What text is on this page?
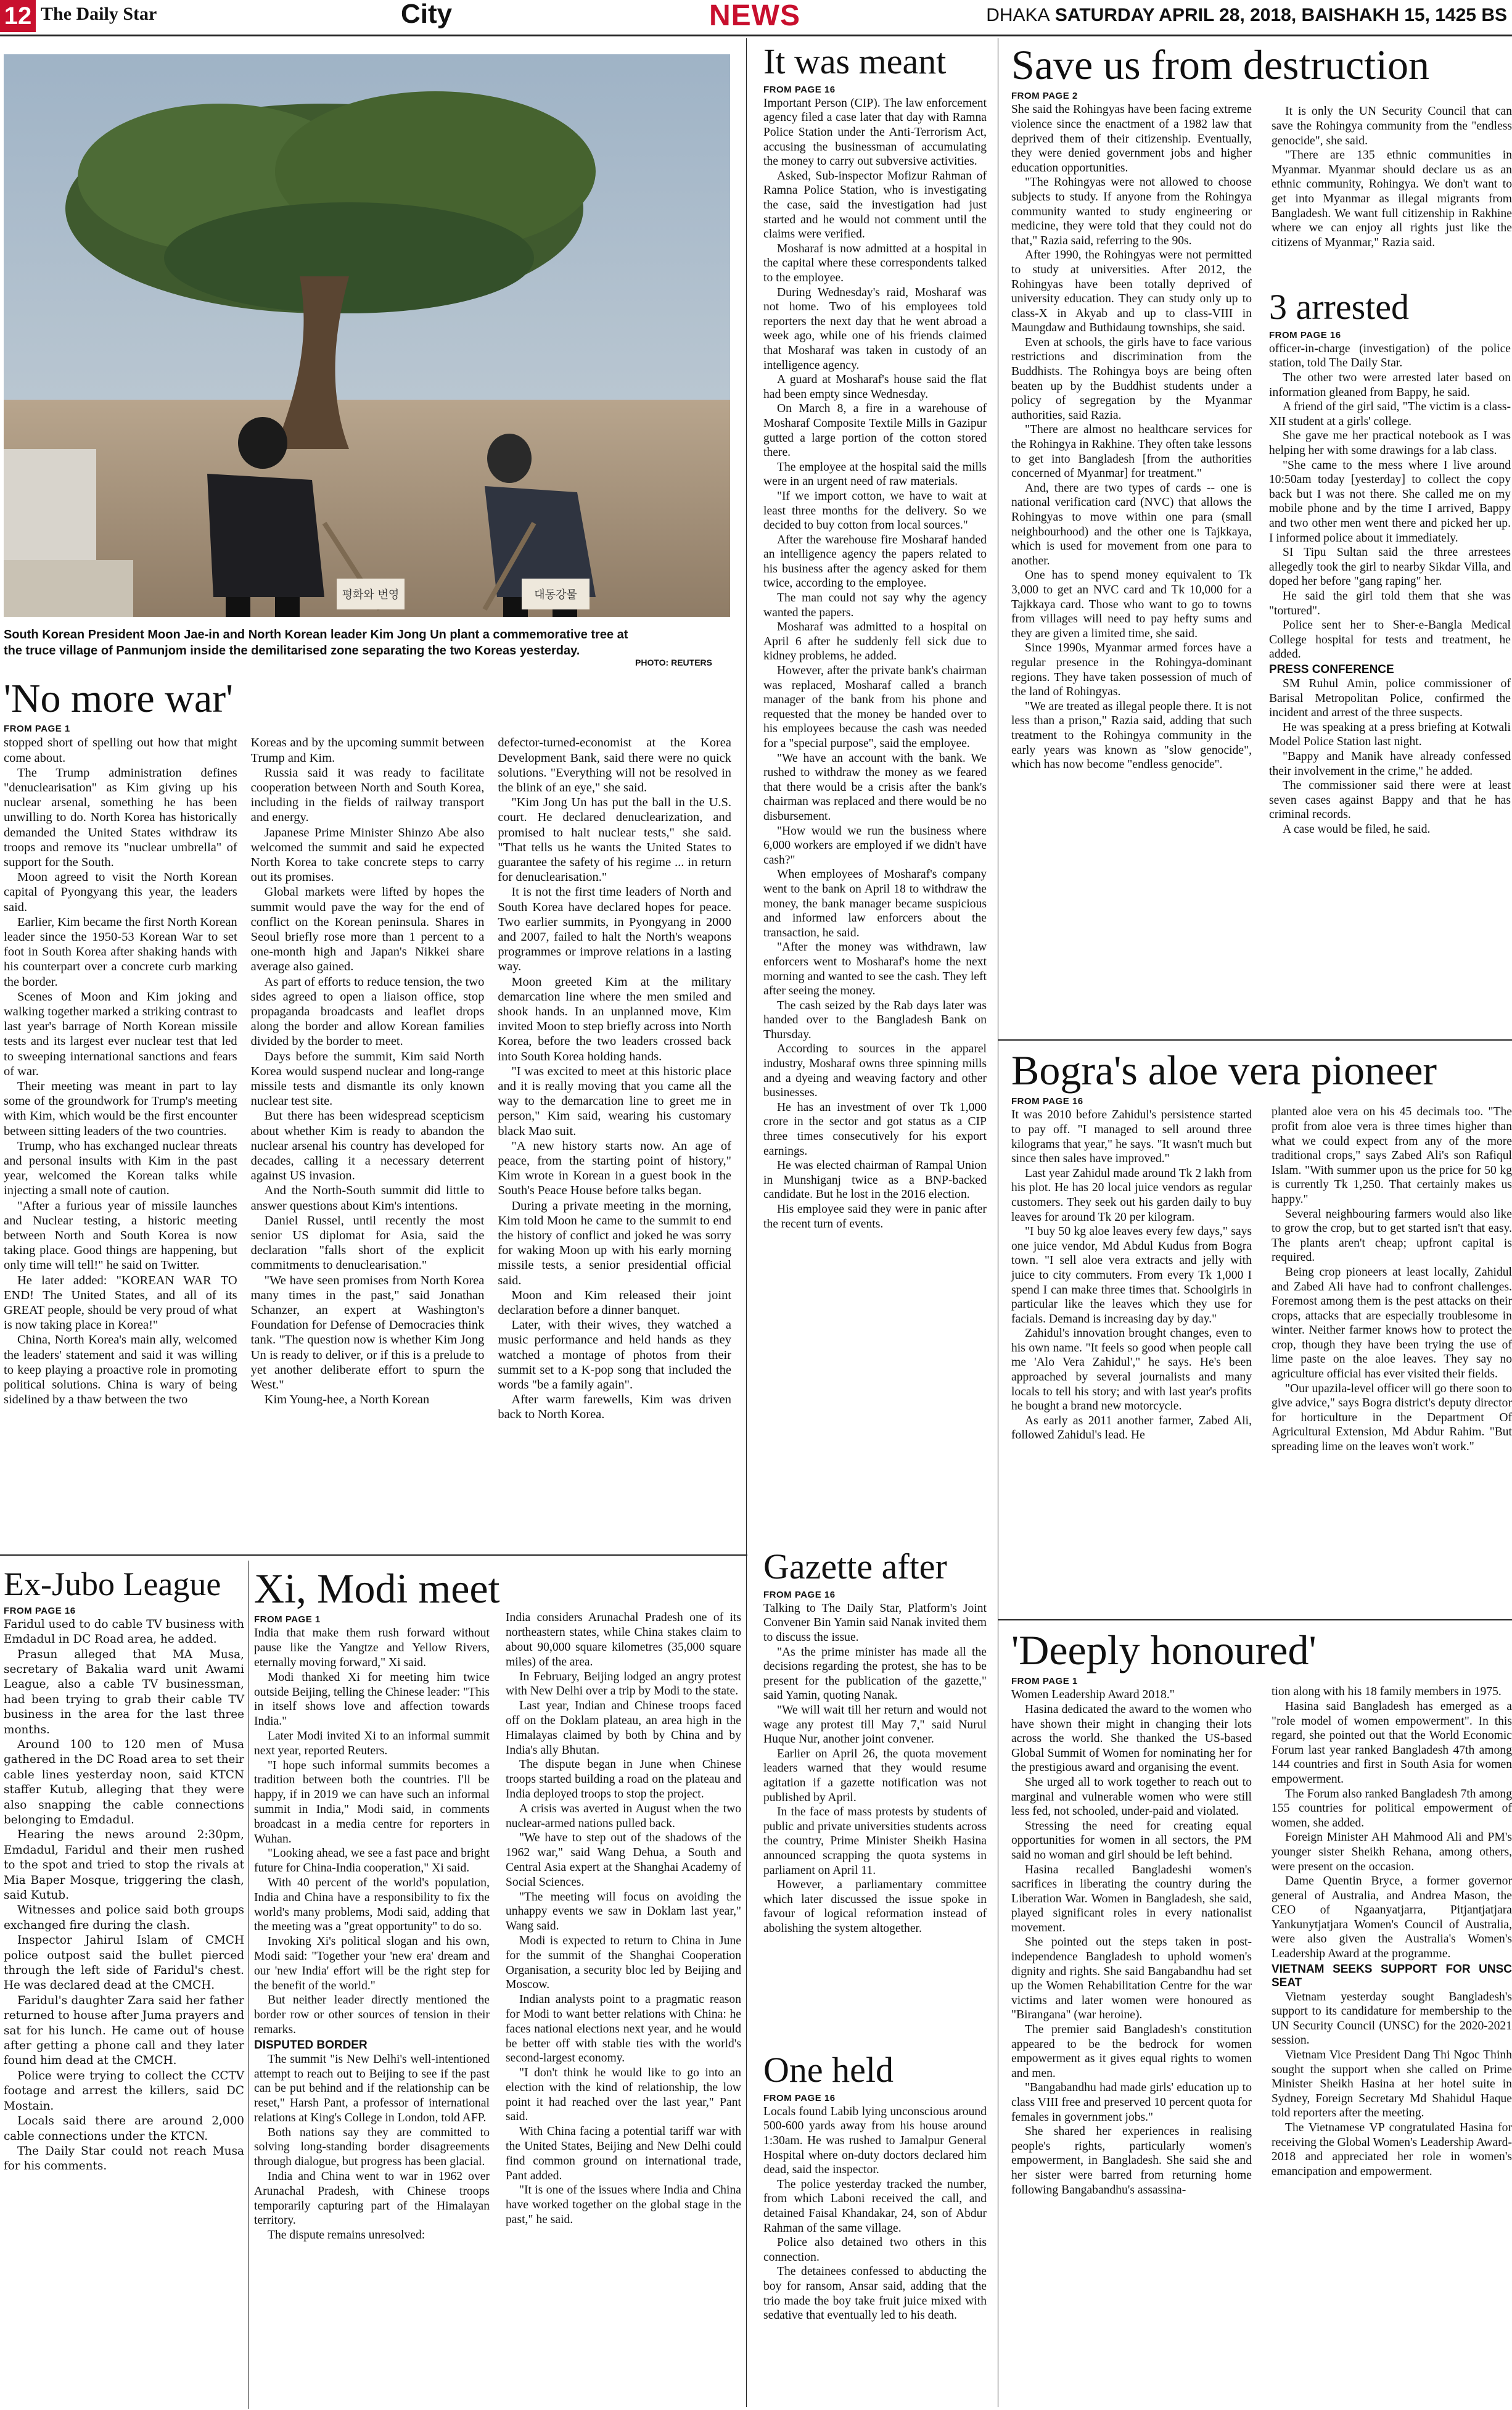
12 The Daily Star	City	NEWS	DHAKA SATURDAY APRIL 28, 2018, BAISHAKH 15, 1425 BS
평화와 번영	대동강물
South Korean President Moon Jae-in and North Korean leader Kim Jong Un plant a commemorative tree at the truce village of Panmunjom inside the demilitarised zone separating the two Koreas yesterday.
PHOTO: REUTERS
'No more war'
FROM PAGE 1

stopped short of spelling out how that might come about.

The Trump administration defines "denuclearisation" as Kim giving up his nuclear arsenal, something he has been unwilling to do. North Korea has historically demanded the United States withdraw its troops and remove its "nuclear umbrella" of support for the South.

Moon agreed to visit the North Korean capital of Pyongyang this year, the leaders said.

Earlier, Kim became the first North Korean leader since the 1950-53 Korean War to set foot in South Korea after shaking hands with his counterpart over a concrete curb marking the border.

Scenes of Moon and Kim joking and walking together marked a striking contrast to last year's barrage of North Korean missile tests and its largest ever nuclear test that led to sweeping international sanctions and fears of war.

Their meeting was meant in part to lay some of the groundwork for Trump's meeting with Kim, which would be the first encounter between sitting leaders of the two countries.

Trump, who has exchanged nuclear threats and personal insults with Kim in the past year, welcomed the Korean talks while injecting a small note of caution.

"After a furious year of missile launches and Nuclear testing, a historic meeting between North and South Korea is now taking place. Good things are happening, but only time will tell!" he said on Twitter.

He later added: "KOREAN WAR TO END! The United States, and all of its GREAT people, should be very proud of what is now taking place in Korea!"

China, North Korea's main ally, welcomed the leaders' statement and said it was willing to keep playing a proactive role in promoting political solutions. China is wary of being sidelined by a thaw between the two

Koreas and by the upcoming summit between Trump and Kim.

Russia said it was ready to facilitate cooperation between North and South Korea, including in the fields of railway transport and energy.

Japanese Prime Minister Shinzo Abe also welcomed the summit and said he expected North Korea to take concrete steps to carry out its promises.

Global markets were lifted by hopes the summit would pave the way for the end of conflict on the Korean peninsula. Shares in Seoul briefly rose more than 1 percent to a one-month high and Japan's Nikkei share average also gained.

As part of efforts to reduce tension, the two sides agreed to open a liaison office, stop propaganda broadcasts and leaflet drops along the border and allow Korean families divided by the border to meet.

Days before the summit, Kim said North Korea would suspend nuclear and long-range missile tests and dismantle its only known nuclear test site.

But there has been widespread scepticism about whether Kim is ready to abandon the nuclear arsenal his country has developed for decades, calling it a necessary deterrent against US invasion.

And the North-South summit did little to answer questions about Kim's intentions.

Daniel Russel, until recently the most senior US diplomat for Asia, said the declaration "falls short of the explicit commitments to denuclearisation."

"We have seen promises from North Korea many times in the past," said Jonathan Schanzer, an expert at Washington's Foundation for Defense of Democracies think tank. "The question now is whether Kim Jong Un is ready to deliver, or if this is a prelude to yet another deliberate effort to spurn the West."

Kim Young-hee, a North Korean

defector-turned-economist at the Korea Development Bank, said there were no quick solutions. "Everything will not be resolved in the blink of an eye," she said.

"Kim Jong Un has put the ball in the U.S. court. He declared denuclearization, and promised to halt nuclear tests," she said. "That tells us he wants the United States to guarantee the safety of his regime ... in return for denuclearisation."

It is not the first time leaders of North and South Korea have declared hopes for peace. Two earlier summits, in Pyongyang in 2000 and 2007, failed to halt the North's weapons programmes or improve relations in a lasting way.

Moon greeted Kim at the military demarcation line where the men smiled and shook hands. In an unplanned move, Kim invited Moon to step briefly across into North Korea, before the two leaders crossed back into South Korea holding hands.

"I was excited to meet at this historic place and it is really moving that you came all the way to the demarcation line to greet me in person," Kim said, wearing his customary black Mao suit.

"A new history starts now. An age of peace, from the starting point of history," Kim wrote in Korean in a guest book in the South's Peace House before talks began.

During a private meeting in the morning, Kim told Moon he came to the summit to end the history of conflict and joked he was sorry for waking Moon up with his early morning missile tests, a senior presidential official said.

Moon and Kim released their joint declaration before a dinner banquet.

Later, with their wives, they watched a music performance and held hands as they watched a montage of photos from their summit set to a K-pop song that included the words "be a family again".

After warm farewells, Kim was driven back to North Korea.

It was meant
FROM PAGE 16

Important Person (CIP). The law enforcement agency filed a case later that day with Ramna Police Station under the Anti-Terrorism Act, accusing the businessman of accumulating the money to carry out subversive activities.

Asked, Sub-inspector Mofizur Rahman of Ramna Police Station, who is investigating the case, said the investigation had just started and he would not comment until the claims were verified.

Mosharaf is now admitted at a hospital in the capital where these correspondents talked to the employee.

During Wednesday's raid, Mosharaf was not home. Two of his employees told reporters the next day that he went abroad a week ago, while one of his friends claimed that Mosharaf was taken in custody of an intelligence agency.

A guard at Mosharaf's house said the flat had been empty since Wednesday.

On March 8, a fire in a warehouse of Mosharaf Composite Textile Mills in Gazipur gutted a large portion of the cotton stored there.

The employee at the hospital said the mills were in an urgent need of raw materials.

"If we import cotton, we have to wait at least three months for the delivery. So we decided to buy cotton from local sources."

After the warehouse fire Mosharaf handed an intelligence agency the papers related to his business after the agency asked for them twice, according to the employee.

The man could not say why the agency wanted the papers.

Mosharaf was admitted to a hospital on April 6 after he suddenly fell sick due to kidney problems, he added.

However, after the private bank's chairman was replaced, Mosharaf called a branch manager of the bank from his phone and requested that the money be handed over to his employees because the cash was needed for a "special purpose", said the employee.

"We have an account with the bank. We rushed to withdraw the money as we feared that there would be a crisis after the bank's chairman was replaced and there would be no disbursement.

"How would we run the business where 6,000 workers are employed if we didn't have cash?"

When employees of Mosharaf's company went to the bank on April 18 to withdraw the money, the bank manager became suspicious and informed law enforcers about the transaction, he said.

"After the money was withdrawn, law enforcers went to Mosharaf's home the next morning and wanted to see the cash. They left after seeing the money.

The cash seized by the Rab days later was handed over to the Bangladesh Bank on Thursday.

According to sources in the apparel industry, Mosharaf owns three spinning mills and a dyeing and weaving factory and other businesses.

He has an investment of over Tk 1,000 crore in the sector and got status as a CIP three times consecutively for his export earnings.

He was elected chairman of Rampal Union in Munshiganj twice as a BNP-backed candidate. But he lost in the 2016 election.

His employee said they were in panic after the recent turn of events.

Gazette after
FROM PAGE 16

Talking to The Daily Star, Platform's Joint Convener Bin Yamin said Nanak invited them to discuss the issue.

"As the prime minister has made all the decisions regarding the protest, she has to be present for the publication of the gazette," said Yamin, quoting Nanak.

"We will wait till her return and would not wage any protest till May 7," said Nurul Huque Nur, another joint convener.

Earlier on April 26, the quota movement leaders warned that they would resume agitation if a gazette notification was not published by April.

In the face of mass protests by students of public and private universities students across the country, Prime Minister Sheikh Hasina announced scrapping the quota systems in parliament on April 11.

However, a parliamentary committee which later discussed the issue spoke in favour of logical reformation instead of abolishing the system altogether.

One held
FROM PAGE 16

Locals found Labib lying unconscious around 500-600 yards away from his house around 1:30am. He was rushed to Jamalpur General Hospital where on-duty doctors declared him dead, said the inspector.

The police yesterday tracked the number, from which Laboni received the call, and detained Faisal Khandakar, 24, son of Abdur Rahman of the same village.

Police also detained two others in this connection.

The detainees confessed to abducting the boy for ransom, Ansar said, adding that the trio made the boy take fruit juice mixed with sedative that eventually led to his death.

Save us from destruction
FROM PAGE 2

She said the Rohingyas have been facing extreme violence since the enactment of a 1982 law that deprived them of their citizenship. Eventually, they were denied government jobs and higher education opportunities.

"The Rohingyas were not allowed to choose subjects to study. If anyone from the Rohingya community wanted to study engineering or medicine, they were told that they could not do that," Razia said, referring to the 90s.

After 1990, the Rohingyas were not permitted to study at universities. After 2012, the Rohingyas have been totally deprived of university education. They can study only up to class-X in Akyab and up to class-VIII in Maungdaw and Buthidaung townships, she said.

Even at schools, the girls have to face various restrictions and discrimination from the Buddhists. The Rohingya boys are being often beaten up by the Buddhist students under a policy of segregation by the Myanmar authorities, said Razia.

"There are almost no healthcare services for the Rohingya in Rakhine. They often take lessons to get into Bangladesh [from the authorities concerned of Myanmar] for treatment."

And, there are two types of cards -- one is national verification card (NVC) that allows the Rohingyas to move within one para (small neighbourhood) and the other one is Tajkkaya, which is used for movement from one para to another.

One has to spend money equivalent to Tk 3,000 to get an NVC card and Tk 10,000 for a Tajkkaya card. Those who want to go to towns from villages will need to pay hefty sums and they are given a limited time, she said.

Since 1990s, Myanmar armed forces have a regular presence in the Rohingya-dominant regions. They have taken possession of much of the land of Rohingyas.

"We are treated as illegal people there. It is not less than a prison," Razia said, adding that such treatment to the Rohingya community in the early years was known as "slow genocide", which has now become "endless genocide".

It is only the UN Security Council that can save the Rohingya community from the "endless genocide", she said.

"There are 135 ethnic communities in Myanmar. Myanmar should declare us as an ethnic community, Rohingya. We don't want to get into Myanmar as illegal migrants from Bangladesh. We want full citizenship in Rakhine where we can enjoy all rights just like the citizens of Myanmar," Razia said.

3 arrested
FROM PAGE 16

officer-in-charge (investigation) of the police station, told The Daily Star.

The other two were arrested later based on information gleaned from Bappy, he said.

A friend of the girl said, "The victim is a class-XII student at a girls' college.

She gave me her practical notebook as I was helping her with some drawings for a lab class.

"She came to the mess where I live around 10:50am today [yesterday] to collect the copy back but I was not there. She called me on my mobile phone and by the time I arrived, Bappy and two other men went there and picked her up. I informed police about it immediately.

SI Tipu Sultan said the three arrestees allegedly took the girl to nearby Sikdar Villa, and doped her before "gang raping" her.

He said the girl told them that she was "tortured".

Police sent her to Sher-e-Bangla Medical College hospital for tests and treatment, he added.

PRESS CONFERENCE

SM Ruhul Amin, police commissioner of Barisal Metropolitan Police, confirmed the incident and arrest of the three suspects.

He was speaking at a press briefing at Kotwali Model Police Station last night.

"Bappy and Manik have already confessed their involvement in the crime," he added.

The commissioner said there were at least seven cases against Bappy and that he has criminal records.

A case would be filed, he said.

Bogra's aloe vera pioneer
FROM PAGE 16

It was 2010 before Zahidul's persistence started to pay off. "I managed to sell around three kilograms that year," he says. "It wasn't much but since then sales have improved."

Last year Zahidul made around Tk 2 lakh from his plot. He has 20 local juice vendors as regular customers. They seek out his garden daily to buy leaves for around Tk 20 per kilogram.

"I buy 50 kg aloe leaves every few days," says one juice vendor, Md Abdul Kudus from Bogra town. "I sell aloe vera extracts and jelly with juice to city commuters. From every Tk 1,000 I spend I can make three times that. Schoolgirls in particular like the leaves which they use for facials. Demand is increasing day by day."

Zahidul's innovation brought changes, even to his own name. "It feels so good when people call me 'Alo Vera Zahidul'," he says. He's been approached by several journalists and many locals to tell his story; and with last year's profits he bought a brand new motorcycle.

As early as 2011 another farmer, Zabed Ali, followed Zahidul's lead. He

planted aloe vera on his 45 decimals too. "The profit from aloe vera is three times higher than what we could expect from any of the more traditional crops," says Zabed Ali's son Rafiqul Islam. "With summer upon us the price for 50 kg is currently Tk 1,250. That certainly makes us happy."

Several neighbouring farmers would also like to grow the crop, but to get started isn't that easy. The plants aren't cheap; upfront capital is required.

Being crop pioneers at least locally, Zahidul and Zabed Ali have had to confront challenges. Foremost among them is the pest attacks on their crops, attacks that are especially troublesome in winter. Neither farmer knows how to protect the crop, though they have been trying the use of lime paste on the aloe leaves. They say no agriculture official has ever visited their fields.

"Our upazila-level officer will go there soon to give advice," says Bogra district's deputy director for horticulture in the Department Of Agricultural Extension, Md Abdur Rahim. "But spreading lime on the leaves won't work."

'Deeply honoured'
FROM PAGE 1

Women Leadership Award 2018."

Hasina dedicated the award to the women who have shown their might in changing their lots across the world. She thanked the US-based Global Summit of Women for nominating her for the prestigious award and organising the event.

She urged all to work together to reach out to marginal and vulnerable women who were still less fed, not schooled, under-paid and violated.

Stressing the need for creating equal opportunities for women in all sectors, the PM said no woman and girl should be left behind.

Hasina recalled Bangladeshi women's sacrifices in liberating the country during the Liberation War. Women in Bangladesh, she said, played significant roles in every nationalist movement.

She pointed out the steps taken in post-independence Bangladesh to uphold women's dignity and rights. She said Bangabandhu had set up the Women Rehabilitation Centre for the war victims and later women were honoured as "Biranganа" (war heroine).

The premier said Bangladesh's constitution appeared to be the bedrock for women empowerment as it gives equal rights to women and men.

"Bangabandhu had made girls' education up to class VIII free and preserved 10 percent quota for females in government jobs."

She shared her experiences in realising people's rights, particularly women's empowerment, in Bangladesh. She said she and her sister were barred from returning home following Bangabandhu's assassina-

tion along with his 18 family members in 1975.

Hasina said Bangladesh has emerged as a "role model of women empowerment". In this regard, she pointed out that the World Economic Forum last year ranked Bangladesh 47th among 144 countries and first in South Asia for women empowerment.

The Forum also ranked Bangladesh 7th among 155 countries for political empowerment of women, she added.

Foreign Minister AH Mahmood Ali and PM's younger sister Sheikh Rehana, among others, were present on the occasion.

Dame Quentin Bryce, a former governor general of Australia, and Andrea Mason, the CEO of Ngaanyatjarra, Pitjantjatjara Yankunytjatjara Women's Council of Australia, were also given the Australia's Women's Leadership Award at the programme.

VIETNAM SEEKS SUPPORT FOR UNSC SEAT

Vietnam yesterday sought Bangladesh's support to its candidature for membership to the UN Security Council (UNSC) for the 2020-2021 session.

Vietnam Vice President Dang Thi Ngoc Thinh sought the support when she called on Prime Minister Sheikh Hasina at her hotel suite in Sydney, Foreign Secretary Md Shahidul Haque told reporters after the meeting.

The Vietnamese VP congratulated Hasina for receiving the Global Women's Leadership Award-2018 and appreciated her role in women's emancipation and empowerment.

Ex-Jubo League
FROM PAGE 16

Faridul used to do cable TV business with Emdadul in DC Road area, he added.

Prasun alleged that MA Musa, secretary of Bakalia ward unit Awami League, also a cable TV businessman, had been trying to grab their cable TV business in the area for the last three months.

Around 100 to 120 men of Musa gathered in the DC Road area to set their cable lines yesterday noon, said KTCN staffer Kutub, alleging that they were also snapping the cable connections belonging to Emdadul.

Hearing the news around 2:30pm, Emdadul, Faridul and their men rushed to the spot and tried to stop the rivals at Mia Baper Mosque, triggering the clash, said Kutub.

Witnesses and police said both groups exchanged fire during the clash.

Inspector Jahirul Islam of CMCH police outpost said the bullet pierced through the left side of Faridul's chest. He was declared dead at the CMCH.

Faridul's daughter Zara said her father returned to house after Juma prayers and sat for his lunch. He came out of house after getting a phone call and they later found him dead at the CMCH.

Police were trying to collect the CCTV footage and arrest the killers, said DC Mostain.

Locals said there are around 2,000 cable connections under the KTCN.

The Daily Star could not reach Musa for his comments.

Xi, Modi meet
FROM PAGE 1

India that make them rush forward without pause like the Yangtze and Yellow Rivers, eternally moving forward," Xi said.

Modi thanked Xi for meeting him twice outside Beijing, telling the Chinese leader: "This in itself shows love and affection towards India."

Later Modi invited Xi to an informal summit next year, reported Reuters.

"I hope such informal summits becomes a tradition between both the countries. I'll be happy, if in 2019 we can have such an informal summit in India," Modi said, in comments broadcast in a media centre for reporters in Wuhan.

"Looking ahead, we see a fast pace and bright future for China-India cooperation," Xi said.

With 40 percent of the world's population, India and China have a responsibility to fix the world's many problems, Modi said, adding that the meeting was a "great opportunity" to do so.

Invoking Xi's political slogan and his own, Modi said: "Together your 'new era' dream and our 'new India' effort will be the right step for the benefit of the world."

But neither leader directly mentioned the border row or other sources of tension in their remarks.

DISPUTED BORDER

The summit "is New Delhi's well-intentioned attempt to reach out to Beijing to see if the past can be put behind and if the relationship can be reset," Harsh Pant, a professor of international relations at King's College in London, told AFP.

Both nations say they are committed to solving long-standing border disagreements through dialogue, but progress has been glacial.

India and China went to war in 1962 over Arunachal Pradesh, with Chinese troops temporarily capturing part of the Himalayan territory.

The dispute remains unresolved:

India considers Arunachal Pradesh one of its northeastern states, while China stakes claim to about 90,000 square kilometres (35,000 square miles) of the area.

In February, Beijing lodged an angry protest with New Delhi over a trip by Modi to the state.

Last year, Indian and Chinese troops faced off on the Doklam plateau, an area high in the Himalayas claimed by both by China and by India's ally Bhutan.

The dispute began in June when Chinese troops started building a road on the plateau and India deployed troops to stop the project.

A crisis was averted in August when the two nuclear-armed nations pulled back.

"We have to step out of the shadows of the 1962 war," said Wang Dehua, a South and Central Asia expert at the Shanghai Academy of Social Sciences.

"The meeting will focus on avoiding the unhappy events we saw in Doklam last year," Wang said.

Modi is expected to return to China in June for the summit of the Shanghai Cooperation Organisation, a security bloc led by Beijing and Moscow.

Indian analysts point to a pragmatic reason for Modi to want better relations with China: he faces national elections next year, and he would be better off with stable ties with the world's second-largest economy.

"I don't think he would like to go into an election with the kind of relationship, the low point it had reached over the last year," Pant said.

With China facing a potential tariff war with the United States, Beijing and New Delhi could find common ground on international trade, Pant added.

"It is one of the issues where India and China have worked together on the global stage in the past," he said.
